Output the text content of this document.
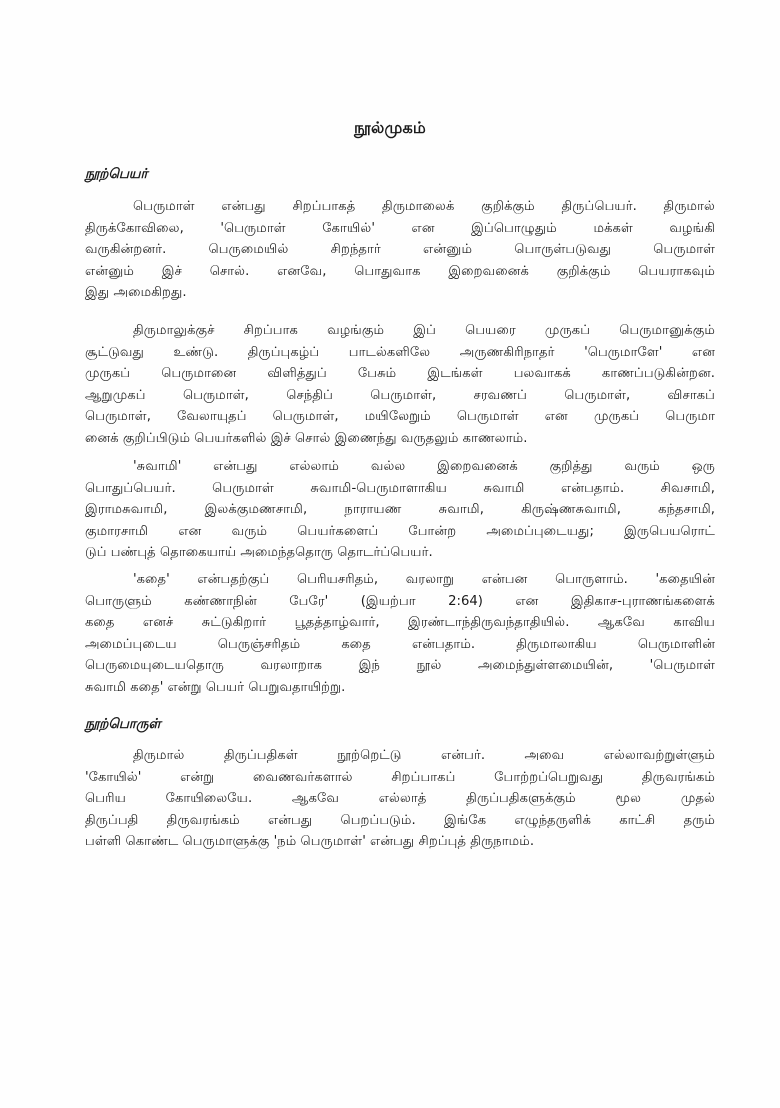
நூல்முகம்
நூற்பெயர்
பெருமாள் என்பது சிறப்பாகத் திருமாலைக் குறிக்கும் திருப்பெயர். திருமால்
திருக்கோவிலை, 'பெருமாள் கோயில்' என இப்பொழுதும் மக்கள் வழங்கி
வருகின்றனர். பெருமையில் சிறந்தார் என்னும் பொருள்படுவது பெருமாள்
என்னும் இச் சொல். எனவே, பொதுவாக இறைவனைக் குறிக்கும் பெயராகவும்
இது அமைகிறது.
திருமாலுக்குச் சிறப்பாக வழங்கும் இப் பெயரை முருகப் பெருமானுக்கும்
சூட்டுவது உண்டு. திருப்புகழ்ப் பாடல்களிலே அருணகிரிநாதர் 'பெருமாளே' என
முருகப் பெருமானை விளித்துப் பேசும் இடங்கள் பலவாகக் காணப்படுகின்றன.
ஆறுமுகப் பெருமாள், செந்திப் பெருமாள், சரவணப் பெருமாள், விசாகப்
பெருமாள், வேலாயுதப் பெருமாள், மயிலேறும் பெருமாள் என முருகப் பெருமா
னைக் குறிப்பிடும் பெயர்களில் இச் சொல் இணைந்து வருதலும் காணலாம்.
'சுவாமி' என்பது எல்லாம் வல்ல இறைவனைக் குறித்து வரும் ஒரு
பொதுப்பெயர். பெருமாள் சுவாமி-பெருமாளாகிய சுவாமி என்பதாம். சிவசாமி,
இராமசுவாமி, இலக்குமணசாமி, நாராயண சுவாமி, கிருஷ்ணசுவாமி, கந்தசாமி,
குமாரசாமி என வரும் பெயர்களைப் போன்ற அமைப்புடையது; இருபெயரொட்
டுப் பண்புத் தொகையாய் அமைந்ததொரு தொடர்ப்பெயர்.
'கதை' என்பதற்குப் பெரியசரிதம், வரலாறு என்பன பொருளாம். 'கதையின்
பொருளும் கண்ணாநின் பேரே' (இயற்பா 2:64) என இதிகாச-புராணங்களைக்
கதை எனச் சுட்டுகிறார் பூதத்தாழ்வார், இரண்டாந்திருவந்தாதியில். ஆகவே காவிய
அமைப்புடைய பெருஞ்சரிதம் கதை என்பதாம். திருமாலாகிய பெருமாளின்
பெருமையுடையதொரு வரலாறாக இந் நூல் அமைந்துள்ளமையின், 'பெருமாள்
சுவாமி கதை' என்று பெயர் பெறுவதாயிற்று.
நூற்பொருள்
திருமால் திருப்பதிகள் நூற்றெட்டு என்பர். அவை எல்லாவற்றுள்ளும்
'கோயில்' என்று வைணவர்களால் சிறப்பாகப் போற்றப்பெறுவது திருவரங்கம்
பெரிய கோயிலையே. ஆகவே எல்லாத் திருப்பதிகளுக்கும் மூல முதல்
திருப்பதி திருவரங்கம் என்பது பெறப்படும். இங்கே எழுந்தருளிக் காட்சி தரும்
பள்ளி கொண்ட பெருமாளுக்கு 'நம் பெருமாள்' என்பது சிறப்புத் திருநாமம்.
